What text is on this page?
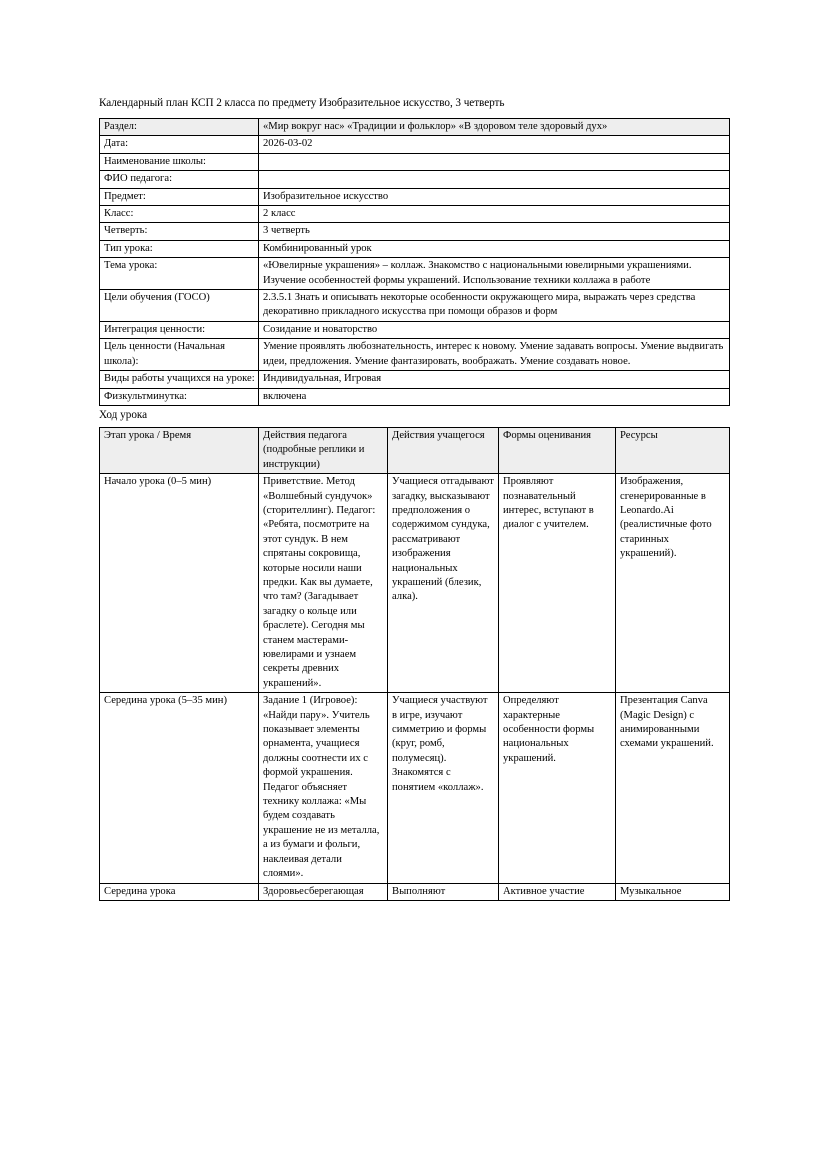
Календарный план КСП 2 класса по предмету Изобразительное искусство, 3 четверть
Раздел:	«Мир вокруг нас» «Традиции и фольклор» «В здоровом теле здоровый дух»
Дата:	2026-03-02
Наименование школы:	
ФИО педагога:	
Предмет:	Изобразительное искусство
Класс:	2 класс
Четверть:	3 четверть
Тип урока:	Комбинированный урок
Тема урока:	«Ювелирные украшения» – коллаж. Знакомство с национальными ювелирными украшениями. Изучение особенностей формы украшений. Использование техники коллажа в работе
Цели обучения (ГОСО)	2.3.5.1 Знать и описывать некоторые особенности окружающего мира, выражать через средства декоративно прикладного искусства при помощи образов и форм
Интеграция ценности:	Созидание и новаторство
Цель ценности (Начальная школа):	Умение проявлять любознательность, интерес к новому. Умение задавать вопросы. Умение выдвигать идеи, предложения. Умение фантазировать, воображать. Умение создавать новое.
Виды работы учащихся на уроке:	Индивидуальная, Игровая
Физкультминутка:	включена
Ход урока
Этап урока / Время	Действия педагога (подробные реплики и инструкции)	Действия учащегося	Формы оценивания	Ресурсы
Начало урока (0–5 мин)	Приветствие. Метод «Волшебный сундучок» (сторителлинг). Педагог: «Ребята, посмотрите на этот сундук. В нем спрятаны сокровища, которые носили наши предки. Как вы думаете, что там? (Загадывает загадку о кольце или браслете). Сегодня мы станем мастерами-ювелирами и узнаем секреты древних украшений».	Учащиеся отгадывают загадку, высказывают предположения о содержимом сундука, рассматривают изображения национальных украшений (блезик, алка).	Проявляют познавательный интерес, вступают в диалог с учителем.	Изображения, сгенерированные в Leonardo.Ai (реалистичные фото старинных украшений).
Середина урока (5–35 мин)	Задание 1 (Игровое): «Найди пару». Учитель показывает элементы орнамента, учащиеся должны соотнести их с формой украшения. Педагог объясняет технику коллажа: «Мы будем создавать украшение не из металла, а из бумаги и фольги, наклеивая детали слоями».	Учащиеся участвуют в игре, изучают симметрию и формы (круг, ромб, полумесяц). Знакомятся с понятием «коллаж».	Определяют характерные особенности формы национальных украшений.	Презентация Canva (Magic Design) с анимированными схемами украшений.
Середина урока	Здоровьесберегающая	Выполняют	Активное участие	Музыкальное
